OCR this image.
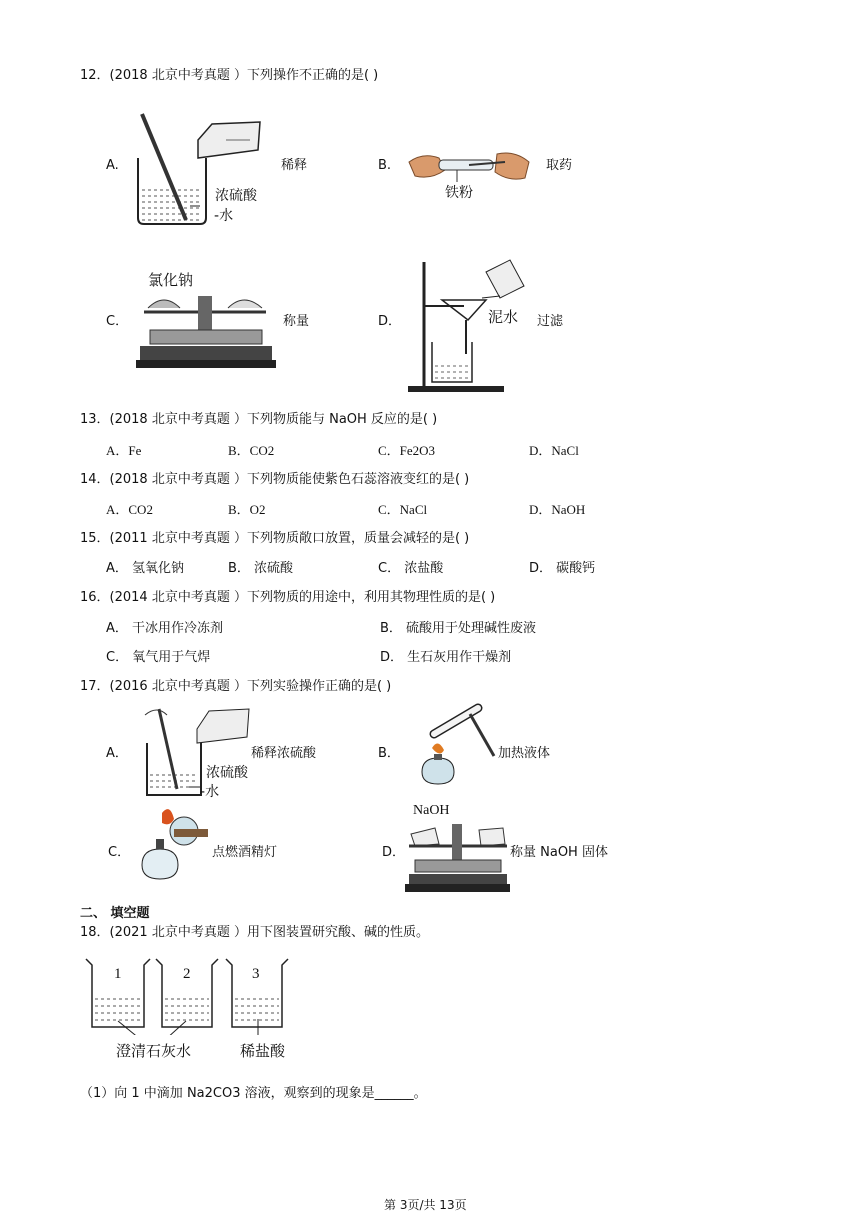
12．(2018 北京中考真题 ）下列操作不正确的是( )
A.
浓硫酸
-水
稀释	B.
铁粉
取药
C．
氯化钠
称量	D．	泥水 过滤
13．(2018 北京中考真题 ）下列物质能与 NaOH 反应的是( )
A．Fe	B．CO2	C．Fe2O3	D．NaCl
14．(2018 北京中考真题 ）下列物质能使紫色石蕊溶液变红的是( )
A．CO2	B．O2	C．NaCl	D．NaOH
15．(2011 北京中考真题 ）下列物质敞口放置，质量会减轻的是( )
A． 氢氧化钠	B． 浓硫酸	C． 浓盐酸	D． 碳酸钙
16．(2014 北京中考真题 ）下列物质的用途中，利用其物理性质的是( )
A． 干冰用作冷冻剂	B． 硫酸用于处理碱性废液
C． 氧气用于气焊	D． 生石灰用作干燥剂
17．(2016 北京中考真题 ）下列实验操作正确的是( )
A．
浓硫酸
-水
稀释浓硫酸	B．	加热液体
C．	点燃酒精灯	D．
NaOH
称量 NaOH 固体
二、 填空题
18．(2021 北京中考真题 ）用下图装置研究酸、碱的性质。
1	2	3
澄清石灰水	稀盐酸
（1）向 1 中滴加 Na2CO3 溶液，观察到的现象是______。
第 3页/共 13页
